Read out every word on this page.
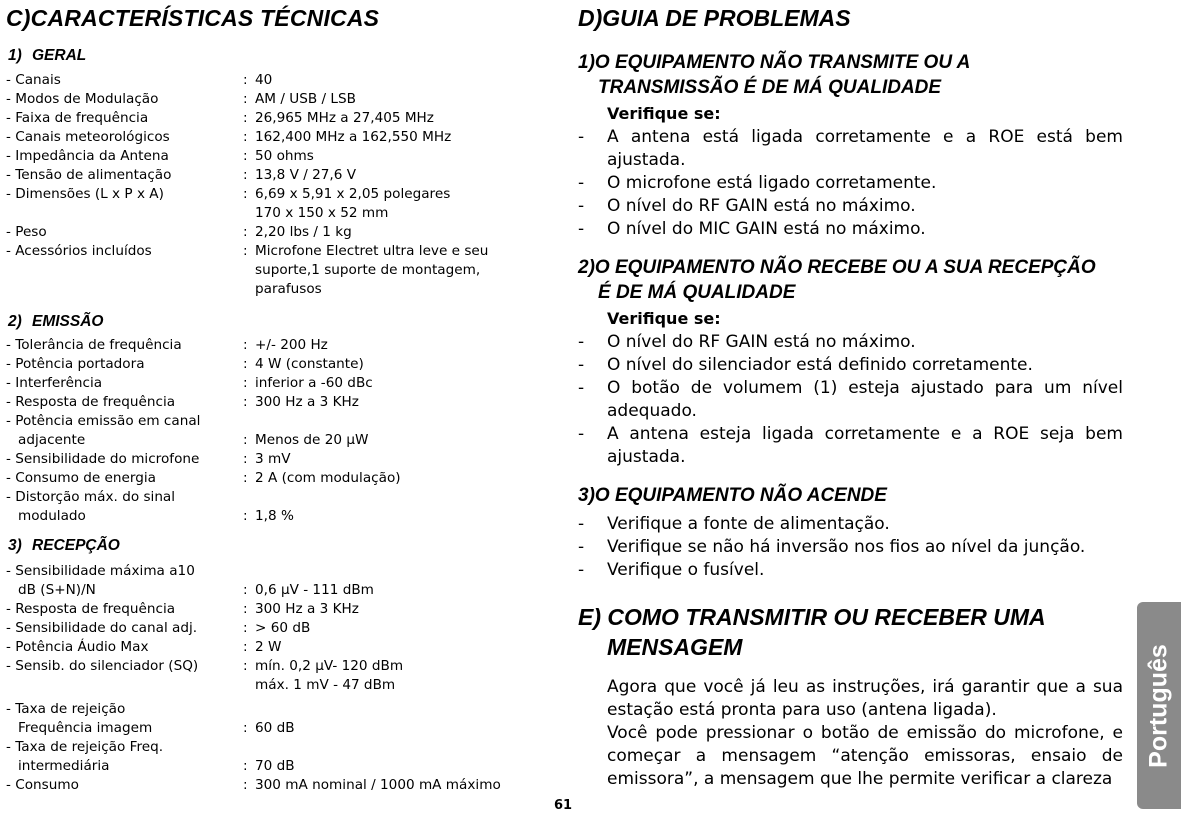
C)CARACTERÍSTICAS TÉCNICAS
1) GERAL
- Canais	: 40
- Modos de Modulação	: AM / USB / LSB
- Faixa de frequência	: 26,965 MHz a 27,405 MHz
- Canais meteorológicos	: 162,400 MHz a 162,550 MHz
- Impedância da Antena	: 50 ohms
- Tensão de alimentação	: 13,8 V / 27,6 V
- Dimensões (L x P x A)	: 6,69 x 5,91 x 2,05 polegares
170 x 150 x 52 mm
- Peso	: 2,20 lbs / 1 kg
- Acessórios incluídos	: Microfone Electret ultra leve e seu
suporte,1 suporte de montagem,
parafusos
2) EMISSÃO
- Tolerância de frequência	: +/- 200 Hz
- Potência portadora	: 4 W (constante)
- Interferência	: inferior a -60 dBc
- Resposta de frequência	: 300 Hz a 3 KHz
- Potência emissão em canal
adjacente	: Menos de 20 µW
- Sensibilidade do microfone	: 3 mV
- Consumo de energia	: 2 A (com modulação)
- Distorção máx. do sinal
modulado	: 1,8 %
3) RECEPÇÃO
- Sensibilidade máxima a10
dB (S+N)/N	: 0,6 µV - 111 dBm
- Resposta de frequência	: 300 Hz a 3 KHz
- Sensibilidade do canal adj.	: > 60 dB
- Potência Áudio Max	: 2 W
- Sensib. do silenciador (SQ)	: mín. 0,2 µV- 120 dBm
máx. 1 mV - 47 dBm
- Taxa de rejeição
Frequência imagem	: 60 dB
- Taxa de rejeição Freq.
intermediária	: 70 dB
- Consumo	: 300 mA nominal / 1000 mA máximo
D)GUIA DE PROBLEMAS
1)O EQUIPAMENTO NÃO TRANSMITE OU A
TRANSMISSÃO É DE MÁ QUALIDADE

Verifique se:

-	A antena está ligada corretamente e a ROE está bem ajustada.
-	O microfone está ligado corretamente.
-	O nível do RF GAIN está no máximo.
-	O nível do MIC GAIN está no máximo.
2)O EQUIPAMENTO NÃO RECEBE OU A SUA RECEPÇÃO
É DE MÁ QUALIDADE

Verifique se:

-	O nível do RF GAIN está no máximo.
-	O nível do silenciador está definido corretamente.
-	O botão de volumem (1) esteja ajustado para um nível adequado.
-	A antena esteja ligada corretamente e a ROE seja bem ajustada.
3)O EQUIPAMENTO NÃO ACENDE
-	Verifique a fonte de alimentação.
-	Verifique se não há inversão nos fios ao nível da junção.
-	Verifique o fusível.
E) COMO TRANSMITIR OU RECEBER UMA
MENSAGEM

Agora que você já leu as instruções, irá garantir que a sua estação está pronta para uso (antena ligada).

Você pode pressionar o botão de emissão do microfone, e começar a mensagem “atenção emissoras, ensaio de emissora”, a mensagem que lhe permite verificar a clareza

Português
61
